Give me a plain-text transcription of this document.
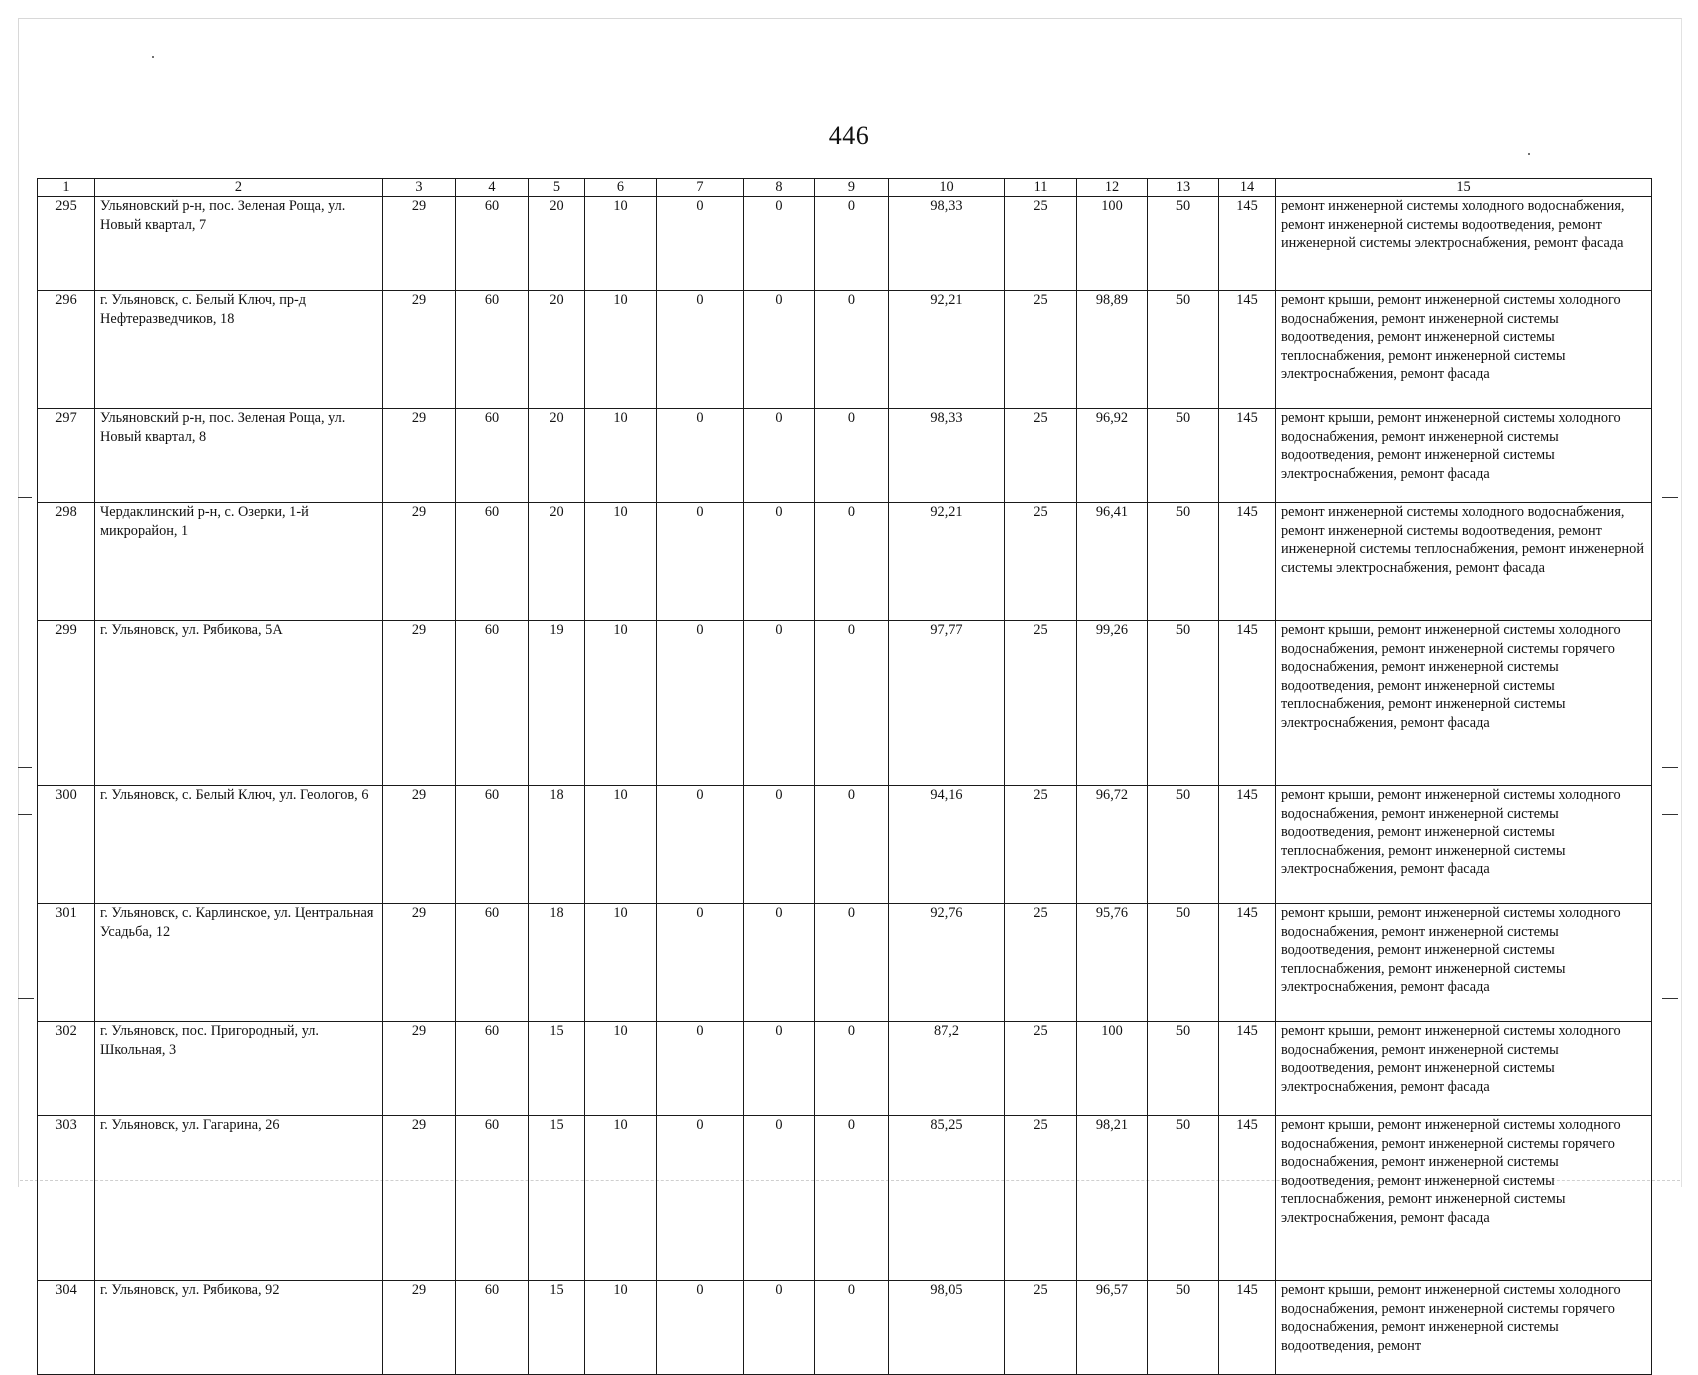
446
1	2	3	4	5	6	7	8	9	10	11	12	13	14	15
295	Ульяновский р-н, пос. Зеленая Роща, ул. Новый квартал, 7	29	60	20	10	0	0	0	98,33	25	100	50	145	ремонт инженерной системы холодного водоснабжения, ремонт инженерной системы водоотведения, ремонт инженерной системы электроснабжения, ремонт фасада
296	г. Ульяновск, с. Белый Ключ, пр-д Нефтеразведчиков, 18	29	60	20	10	0	0	0	92,21	25	98,89	50	145	ремонт крыши, ремонт инженерной системы холодного водоснабжения, ремонт инженерной системы водоотведения, ремонт инженерной системы теплоснабжения, ремонт инженерной системы электроснабжения, ремонт фасада
297	Ульяновский р-н, пос. Зеленая Роща, ул. Новый квартал, 8	29	60	20	10	0	0	0	98,33	25	96,92	50	145	ремонт крыши, ремонт инженерной системы холодного водоснабжения, ремонт инженерной системы водоотведения, ремонт инженерной системы электроснабжения, ремонт фасада
298	Чердаклинский р-н, с. Озерки, 1-й микрорайон, 1	29	60	20	10	0	0	0	92,21	25	96,41	50	145	ремонт инженерной системы холодного водоснабжения, ремонт инженерной системы водоотведения, ремонт инженерной системы теплоснабжения, ремонт инженерной системы электроснабжения, ремонт фасада
299	г. Ульяновск, ул. Рябикова, 5А	29	60	19	10	0	0	0	97,77	25	99,26	50	145	ремонт крыши, ремонт инженерной системы холодного водоснабжения, ремонт инженерной системы горячего водоснабжения, ремонт инженерной системы водоотведения, ремонт инженерной системы теплоснабжения, ремонт инженерной системы электроснабжения, ремонт фасада
300	г. Ульяновск, с. Белый Ключ, ул. Геологов, 6	29	60	18	10	0	0	0	94,16	25	96,72	50	145	ремонт крыши, ремонт инженерной системы холодного водоснабжения, ремонт инженерной системы водоотведения, ремонт инженерной системы теплоснабжения, ремонт инженерной системы электроснабжения, ремонт фасада
301	г. Ульяновск, с. Карлинское, ул. Центральная Усадьба, 12	29	60	18	10	0	0	0	92,76	25	95,76	50	145	ремонт крыши, ремонт инженерной системы холодного водоснабжения, ремонт инженерной системы водоотведения, ремонт инженерной системы теплоснабжения, ремонт инженерной системы электроснабжения, ремонт фасада
302	г. Ульяновск, пос. Пригородный, ул. Школьная, 3	29	60	15	10	0	0	0	87,2	25	100	50	145	ремонт крыши, ремонт инженерной системы холодного водоснабжения, ремонт инженерной системы водоотведения, ремонт инженерной системы электроснабжения, ремонт фасада
303	г. Ульяновск, ул. Гагарина, 26	29	60	15	10	0	0	0	85,25	25	98,21	50	145	ремонт крыши, ремонт инженерной системы холодного водоснабжения, ремонт инженерной системы горячего водоснабжения, ремонт инженерной системы водоотведения, ремонт инженерной системы теплоснабжения, ремонт инженерной системы электроснабжения, ремонт фасада
304	г. Ульяновск, ул. Рябикова, 92	29	60	15	10	0	0	0	98,05	25	96,57	50	145	ремонт крыши, ремонт инженерной системы холодного водоснабжения, ремонт инженерной системы горячего водоснабжения, ремонт инженерной системы водоотведения, ремонт
